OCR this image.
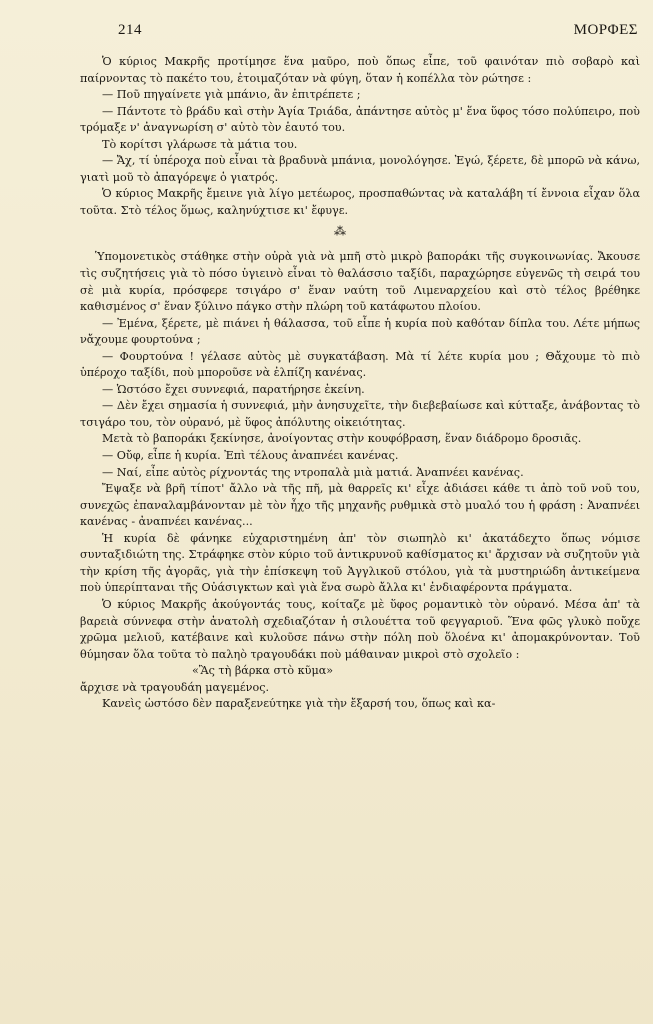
214	ΜΟΡΦΕΣ

Ὁ κύριος Μακρῆς προτίμησε ἕνα μαῦρο, ποὺ ὅπως εἶπε, τοῦ φαινόταν πιὸ σοβαρὸ καὶ παίρνοντας τὸ πακέτο του, ἑτοιμαζόταν νὰ φύγη, ὅταν ἡ κοπέλλα τὸν ρώτησε :

— Ποῦ πηγαίνετε γιὰ μπάνιο, ἂν ἐπιτρέπετε ;

— Πάντοτε τὸ βράδυ καὶ στὴν Ἁγία Τριάδα, ἀπάντησε αὐτὸς μ' ἕνα ὕφος τόσο πολύπειρο, ποὺ τρόμαξε ν' ἀναγνωρίση σ' αὐτὸ τὸν ἑαυτό του.

Τὸ κορίτσι γλάρωσε τὰ μάτια του.

— Ἄχ, τί ὑπέροχα ποὺ εἶναι τὰ βραδυνὰ μπάνια, μονολόγησε. Ἐγώ, ξέρετε, δὲ μπορῶ νὰ κάνω, γιατὶ μοῦ τὸ ἀπαγόρεψε ὁ γιατρός.

Ὁ κύριος Μακρῆς ἔμεινε γιὰ λίγο μετέωρος, προσπαθώντας νὰ καταλάβη τί ἔννοια εἶχαν ὅλα τοῦτα. Στὸ τέλος ὅμως, καληνύχτισε κι' ἔφυγε.

⁂

Ὑπομονετικὸς στάθηκε στὴν οὐρὰ γιὰ νὰ μπῆ στὸ μικρὸ βαποράκι τῆς συγκοινωνίας. Ἄκουσε τὶς συζητήσεις γιὰ τὸ πόσο ὑγιεινὸ εἶναι τὸ θαλάσσιο ταξίδι, παραχώρησε εὐγενῶς τὴ σειρά του σὲ μιὰ κυρία, πρόσφερε τσιγάρο σ' ἕναν ναύτη τοῦ Λιμεναρχείου καὶ στὸ τέλος βρέθηκε καθισμένος σ' ἕναν ξύλινο πάγκο στὴν πλώρη τοῦ κατάφωτου πλοίου.

— Ἐμένα, ξέρετε, μὲ πιάνει ἡ θάλασσα, τοῦ εἶπε ἡ κυρία ποὺ καθόταν δίπλα του. Λέτε μήπως νἄχουμε φουρτούνα ;

— Φουρτούνα ! γέλασε αὐτὸς μὲ συγκατάβαση. Μὰ τί λέτε κυρία μου ; Θἄχουμε τὸ πιὸ ὑπέροχο ταξίδι, ποὺ μποροῦσε νὰ ἐλπίζη κανένας.

— Ὡστόσο ἔχει συννεφιά, παρατήρησε ἐκείνη.

— Δὲν ἔχει σημασία ἡ συννεφιά, μὴν ἀνησυχεῖτε, τὴν διεβεβαίωσε καὶ κύτταξε, ἀνάβοντας τὸ τσιγάρο του, τὸν οὐρανό, μὲ ὕφος ἀπόλυτης οἰκειότητας.

Μετὰ τὸ βαποράκι ξεκίνησε, ἀνοίγοντας στὴν κουφόβραση, ἕναν διάδρομο δροσιᾶς.

— Οὔφ, εἶπε ἡ κυρία. Ἐπὶ τέλους ἀναπνέει κανένας.

— Ναί, εἶπε αὐτὸς ρίχνοντάς της ντροπαλὰ μιὰ ματιά. Ἀναπνέει κανένας.

Ἔψαξε νὰ βρῆ τίποτ' ἄλλο νὰ τῆς πῆ, μὰ θαρρεῖς κι' εἶχε ἀδιάσει κάθε τι ἀπὸ τοῦ νοῦ του, συνεχῶς ἐπαναλαμβάνονταν μὲ τὸν ἦχο τῆς μηχανῆς ρυθμικὰ στὸ μυαλό του ἡ φράση : Ἀναπνέει κανένας - ἀναπνέει κανένας...

Ἡ κυρία δὲ φάνηκε εὐχαριστημένη ἀπ' τὸν σιωπηλὸ κι' ἀκατάδεχτο ὅπως νόμισε συνταξιδιώτη της. Στράφηκε στὸν κύριο τοῦ ἀντικρυνοῦ καθίσματος κι' ἄρχισαν νὰ συζητοῦν γιὰ τὴν κρίση τῆς ἀγορᾶς, γιὰ τὴν ἐπίσκεψη τοῦ Ἀγγλικοῦ στόλου, γιὰ τὰ μυστηριώδη ἀντικείμενα ποὺ ὑπερίπταναι τῆς Οὐάσιγκτων καὶ γιὰ ἕνα σωρὸ ἄλλα κι' ἐνδιαφέροντα πράγματα.

Ὁ κύριος Μακρῆς ἀκούγοντάς τους, κοίταζε μὲ ὕφος ρομαντικὸ τὸν οὐρανό. Μέσα ἀπ' τὰ βαρειὰ σύννεφα στὴν ἀνατολὴ σχεδιαζόταν ἡ σιλουέττα τοῦ φεγγαριοῦ. Ἕνα φῶς γλυκὸ ποὔχε χρῶμα μελιοῦ, κατέβαινε καὶ κυλοῦσε πάνω στὴν πόλη ποὺ ὅλοένα κι' ἀπομακρύνονταν. Τοῦ θύμησαν ὅλα τοῦτα τὸ παληὸ τραγουδάκι ποὺ μάθαιναν μικροὶ στὸ σχολεῖο :

«Ἂς τὴ βάρκα στὸ κῦμα»

ἄρχισε νὰ τραγουδάη μαγεμένος.

Κανεὶς ὡστόσο δὲν παραξενεύτηκε γιὰ τὴν ἔξαρσή του, ὅπως καὶ κα-
